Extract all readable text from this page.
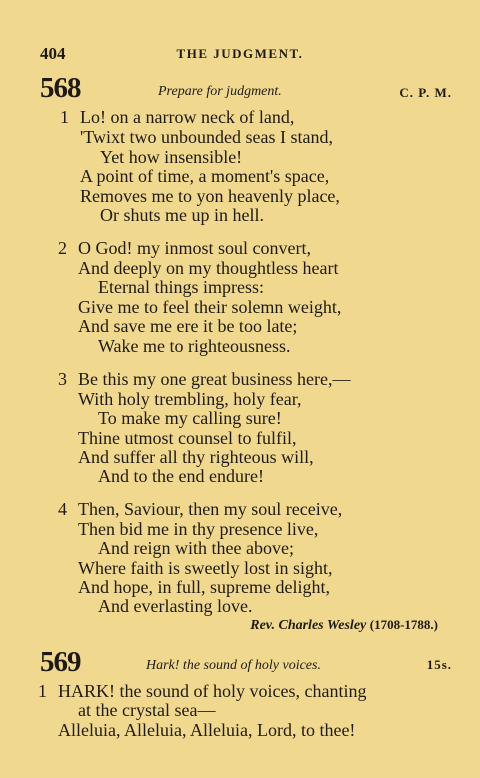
404	THE JUDGMENT.
568	Prepare for judgment.	C. P. M.
1 Lo! on a narrow neck of land,
'Twixt two unbounded seas I stand,
Yet how insensible!
A point of time, a moment's space,
Removes me to yon heavenly place,
Or shuts me up in hell.
2 O God! my inmost soul convert,
And deeply on my thoughtless heart
Eternal things impress:
Give me to feel their solemn weight,
And save me ere it be too late;
Wake me to righteousness.
3 Be this my one great business here,—
With holy trembling, holy fear,
To make my calling sure!
Thine utmost counsel to fulfil,
And suffer all thy righteous will,
And to the end endure!
4 Then, Saviour, then my soul receive,
Then bid me in thy presence live,
And reign with thee above;
Where faith is sweetly lost in sight,
And hope, in full, supreme delight,
And everlasting love.
Rev. Charles Wesley (1708-1788.)
569	Hark! the sound of holy voices.	15s.
1 HARK! the sound of holy voices, chanting
at the crystal sea—
Alleluia, Alleluia, Alleluia, Lord, to thee!
